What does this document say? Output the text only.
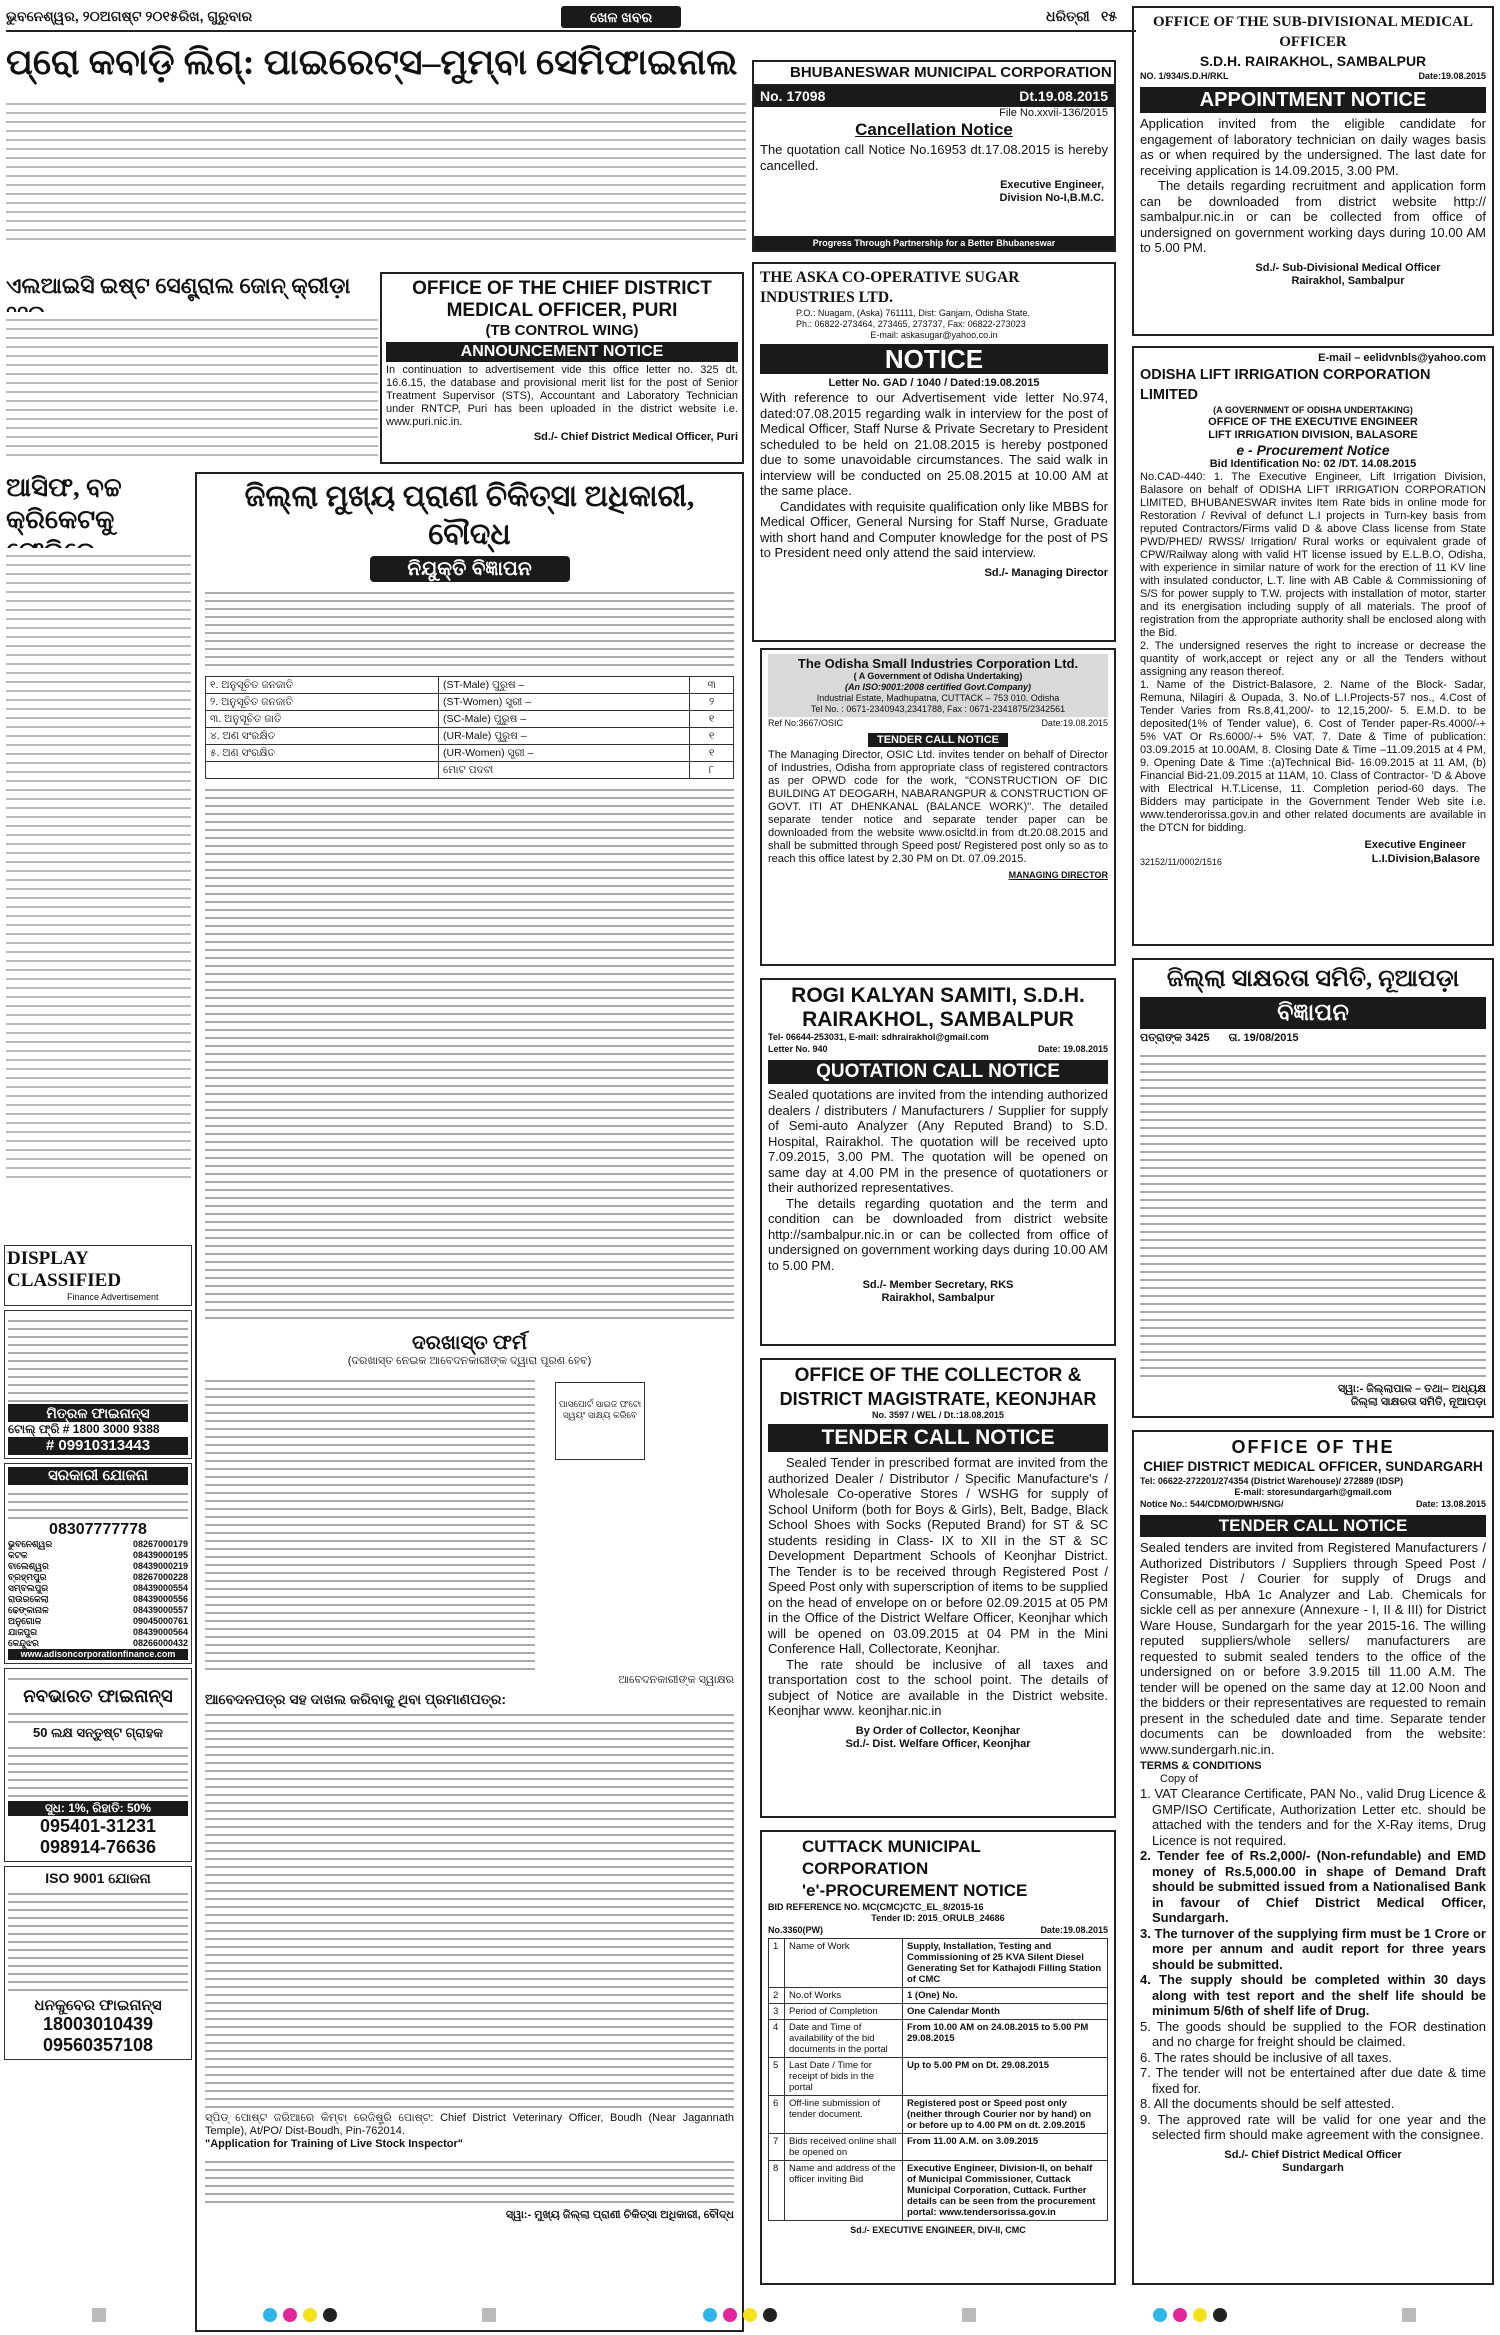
ଭୁବନେଶ୍ୱର, ୨୦ଅଗଷ୍ଟ ୨୦୧୫ରିଖ, ଗୁରୁବାର	ଖେଳ ଖବର	ଧରିତ୍ରୀ ୧୫
ପ୍ରୋ କବାଡ଼ି ଲିଗ୍: ପାଇରେଟ୍ସ–ମୁମ୍ବା ସେମିଫାଇନାଲ
ଏଲଆଇସି ଇଷ୍ଟ ସେଣ୍ଟ୍ରାଲ ଜୋନ୍ କ୍ରୀଡ଼ା
ଆସିଫ, ବଚ୍ଚ
କ୍ରିକେଟକୁ
OFFICE OF THE CHIEF DISTRICT
MEDICAL OFFICER, PURI
(TB CONTROL WING)
ANNOUNCEMENT NOTICE
In continuation to advertisement vide this office letter no. 325 dt. 16.6.15, the database and provisional merit list for the post of Senior Treatment Supervisor (STS), Accountant and Laboratory Technician under RNTCP, Puri has been uploaded in the district website i.e. www.puri.nic.in.
Sd./- Chief District Medical Officer, Puri
BHUBANESWAR MUNICIPAL CORPORATION
No. 17098	Dt.19.08.2015
File No.xxvii-136/2015
Cancellation Notice
The quotation call Notice No.16953 dt.17.08.2015 is hereby cancelled.
Executive Engineer,
Division No-I,B.M.C.
Progress Through Partnership for a Better Bhubaneswar
THE ASKA CO-OPERATIVE SUGAR INDUSTRIES LTD.
P.O.: Nuagam, (Aska) 761111, Dist: Ganjam, Odisha State.
Ph.: 06822-273464, 273465, 273737, Fax: 06822-273023
E-mail: askasugar@yahoo.co.in
NOTICE
Letter No. GAD / 1040 / Dated:19.08.2015
With reference to our Advertisement vide letter No.974, dated:07.08.2015 regarding walk in interview for the post of Medical Officer, Staff Nurse & Private Secretary to President scheduled to be held on 21.08.2015 is hereby postponed due to some unavoidable circumstances. The said walk in interview will be conducted on 25.08.2015 at 10.00 AM at the same place.
Candidates with requisite qualification only like MBBS for Medical Officer, General Nursing for Staff Nurse, Graduate with short hand and Computer knowledge for the post of PS to President need only attend the said interview.
Sd./- Managing Director
OFFICE OF THE SUB-DIVISIONAL MEDICAL OFFICER
S.D.H. RAIRAKHOL, SAMBALPUR
NO. 1/934/S.D.H/RKL	Date:19.08.2015
APPOINTMENT NOTICE
Application invited from the eligible candidate for engagement of laboratory technician on daily wages basis as or when required by the undersigned. The last date for receiving application is 14.09.2015, 3.00 PM.
The details regarding recruitment and application form can be downloaded from district website http:// sambalpur.nic.in or can be collected from office of undersigned on government working days during 10.00 AM to 5.00 PM.
Sd./- Sub-Divisional Medical Officer
Rairakhol, Sambalpur
E-mail – eelidvnbls@yahoo.com
ODISHA LIFT IRRIGATION CORPORATION LIMITED
(A GOVERNMENT OF ODISHA UNDERTAKING)
OFFICE OF THE EXECUTIVE ENGINEER
LIFT IRRIGATION DIVISION, BALASORE
e - Procurement Notice
Bid Identification No: 02 /DT. 14.08.2015
No.CAD-440: 1. The Executive Engineer, Lift Irrigation Division, Balasore on behalf of ODISHA LIFT IRRIGATION CORPORATION LIMITED, BHUBANESWAR invites Item Rate bids in online mode for Restoration / Revival of defunct L.I projects in Turn-key basis from reputed Contractors/Firms valid D & above Class license from State PWD/PHED/ RWSS/ Irrigation/ Rural works or equivalent grade of CPW/Railway along with valid HT license issued by E.L.B.O, Odisha, with experience in similar nature of work for the erection of 11 KV line with insulated conductor, L.T. line with AB Cable & Commissioning of S/S for power supply to T.W. projects with installation of motor, starter and its energisation including supply of all materials. The proof of registration from the appropriate authority shall be enclosed along with the Bid.
2. The undersigned reserves the right to increase or decrease the quantity of work,accept or reject any or all the Tenders without assigning any reason thereof.
1. Name of the District-Balasore, 2. Name of the Block- Sadar, Remuna, Nilagiri & Oupada, 3. No.of L.I.Projects-57 nos., 4.Cost of Tender Varies from Rs.8,41,200/- to 12,15,200/- 5. E.M.D. to be deposited(1% of Tender value), 6. Cost of Tender paper-Rs.4000/-+ 5% VAT Or Rs.6000/-+ 5% VAT. 7. Date & Time of publication: 03.09.2015 at 10.00AM, 8. Closing Date & Time –11.09.2015 at 4 PM, 9. Opening Date & Time :(a)Technical Bid- 16.09.2015 at 11 AM, (b) Financial Bid-21.09.2015 at 11AM, 10. Class of Contractor- 'D & Above with Electrical H.T.License, 11. Completion period-60 days. The Bidders may participate in the Government Tender Web site i.e. www.tenderorissa.gov.in and other related documents are available in the DTCN for bidding.
32152/11/0002/1516
Executive Engineer
L.I.Division,Balasore
ଜିଲ୍ଲା ମୁଖ୍ୟ ପ୍ରାଣୀ ଚିକିତ୍ସା ଅଧିକାରୀ, ବୌଦ୍ଧ
ନିଯୁକ୍ତି ବିଜ୍ଞାପନ
୧. ଅନୁସୂଚିତ ଜନଜାତି	(ST-Male) ପୁରୁଷ –	୩
୨. ଅନୁସୂଚିତ ଜନଜାତି	(ST-Women) ସ୍ତ୍ରୀ –	୨
୩. ଅନୁସୂଚିତ ଜାତି	(SC-Male) ପୁରୁଷ –	୧
୪. ଅଣ ସଂରକ୍ଷିତ	(UR-Male) ପୁରୁଷ –	୧
୫. ଅଣ ସଂରକ୍ଷିତ	(UR-Women) ସ୍ତ୍ରୀ –	୧
	ମୋଟ ପଦବୀ	୮
ଦରଖାସ୍ତ ଫର୍ମ
(ଦରଖାସ୍ତ ନେଇକ ଆବେଦନକାରୀଙ୍କ ଦ୍ୱାରା ପୂରଣ ହେବ)
ପାସପୋର୍ଟ ସାଇଜ ଫଟୋ ସ୍ୱୟଂ ସାକ୍ଷ୍ୟ କରିବେ
ଆବେଦନକାରୀଙ୍କ ସ୍ୱାକ୍ଷର
ଆବେଦନପତ୍ର ସହ ଦାଖଲ କରିବାକୁ ଥିବା ପ୍ରମାଣପତ୍ର:
ସ୍ପିଡ୍ ପୋଷ୍ଟ ଜରିଆରେ କିମ୍ବା ରେଜିଷ୍ଟ୍ରି ପୋଷ୍ଟ: Chief District Veterinary Officer, Boudh (Near Jagannath Temple), At/PO/ Dist-Boudh, Pin-762014.
"Application for Training of Live Stock Inspector"
ସ୍ୱା:- ମୁଖ୍ୟ ଜିଲ୍ଲା ପ୍ରାଣୀ ଚିକିତ୍ସା ଅଧିକାରୀ, ବୌଦ୍ଧ
The Odisha Small Industries Corporation Ltd.
( A Government of Odisha Undertaking)
(An ISO:9001:2008 certified Govt.Company)
Industrial Estate, Madhupatna, CUTTACK – 753 010. Odisha
Tel No. : 0671-2340943,2341788, Fax : 0671-2341875/2342561
Ref No:3667/OSIC	Date:19.08.2015
TENDER CALL NOTICE
The Managing Director, OSIC Ltd. invites tender on behalf of Director of Industries, Odisha from appropriate class of registered contractors as per OPWD code for the work, "CONSTRUCTION OF DIC BUILDING AT DEOGARH, NABARANGPUR & CONSTRUCTION OF GOVT. ITI AT DHENKANAL (BALANCE WORK)". The detailed separate tender notice and separate tender paper can be downloaded from the website www.osicltd.in from dt.20.08.2015 and shall be submitted through Speed post/ Registered post only so as to reach this office latest by 2.30 PM on Dt. 07.09.2015.
MANAGING DIRECTOR
ROGI KALYAN SAMITI, S.D.H.
RAIRAKHOL, SAMBALPUR
Tel- 06644-253031, E-mail: sdhrairakhol@gmail.com
Letter No. 940	Date: 19.08.2015
QUOTATION CALL NOTICE
Sealed quotations are invited from the intending authorized dealers / distributers / Manufacturers / Supplier for supply of Semi-auto Analyzer (Any Reputed Brand) to S.D. Hospital, Rairakhol. The quotation will be received upto 7.09.2015, 3.00 PM. The quotation will be opened on same day at 4.00 PM in the presence of quotationers or their authorized representatives.
The details regarding quotation and the term and condition can be downloaded from district website http://sambalpur.nic.in or can be collected from office of undersigned on government working days during 10.00 AM to 5.00 PM.
Sd./- Member Secretary, RKS
Rairakhol, Sambalpur
OFFICE OF THE COLLECTOR &
DISTRICT MAGISTRATE, KEONJHAR
No. 3597 / WEL / Dt.:18.08.2015
TENDER CALL NOTICE
Sealed Tender in prescribed format are invited from the authorized Dealer / Distributor / Specific Manufacture's / Wholesale Co-operative Stores / WSHG for supply of School Uniform (both for Boys & Girls), Belt, Badge, Black School Shoes with Socks (Reputed Brand) for ST & SC students residing in Class- IX to XII in the ST & SC Development Department Schools of Keonjhar District. The Tender is to be received through Registered Post / Speed Post only with superscription of items to be supplied on the head of envelope on or before 02.09.2015 at 05 PM in the Office of the District Welfare Officer, Keonjhar which will be opened on 03.09.2015 at 04 PM in the Mini Conference Hall, Collectorate, Keonjhar.
The rate should be inclusive of all taxes and transportation cost to the school point. The details of subject of Notice are available in the District website. Keonjhar www. keonjhar.nic.in
By Order of Collector, Keonjhar
Sd./- Dist. Welfare Officer, Keonjhar
CUTTACK MUNICIPAL CORPORATION
'e'-PROCUREMENT NOTICE
BID REFERENCE NO. MC(CMC)CTC_EL_8/2015-16
Tender ID: 2015_ORULB_24686
No.3360(PW)	Date:19.08.2015
1	Name of Work	Supply, Installation, Testing and Commissioning of 25 KVA Silent Diesel Generating Set for Kathajodi Filling Station of CMC
2	No.of Works	1 (One) No.
3	Period of Completion	One Calendar Month
4	Date and Time of availability of the bid documents in the portal	From 10.00 AM on 24.08.2015 to 5.00 PM 29.08.2015
5	Last Date / Time for receipt of bids in the portal	Up to 5.00 PM on Dt. 29.08.2015
6	Off-line submission of tender document.	Registered post or Speed post only (neither through Courier nor by hand) on or before up to 4.00 PM on dt. 2.09.2015
7	Bids received online shall be opened on	From 11.00 A.M. on 3.09.2015
8	Name and address of the officer inviting Bid	Executive Engineer, Division-II, on behalf of Municipal Commissioner, Cuttack Municipal Corporation, Cuttack. Further details can be seen from the procurement portal: www.tendersorissa.gov.in
Sd./- EXECUTIVE ENGINEER, DIV-II, CMC
ଜିଲ୍ଲା ସାକ୍ଷରତା ସମିତି, ନୂଆପଡ଼ା
ବିଜ୍ଞାପନ
ପତ୍ରାଙ୍କ 3425 ତା. 19/08/2015
ସ୍ୱା:- ଜିଲ୍ଲାପାଳ – ତଥା– ଅଧ୍ୟକ୍ଷ
ଜିଲ୍ଲା ସାକ୍ଷରତା ସମିତି, ନୂଆପଡ଼ା
OFFICE OF THE
CHIEF DISTRICT MEDICAL OFFICER, SUNDARGARH
Tel: 06622-272201/274354 (District Warehouse)/ 272889 (IDSP)
E-mail: storesundargarh@gmail.com
Notice No.: 544/CDMO/DWH/SNG/	Date: 13.08.2015
TENDER CALL NOTICE
Sealed tenders are invited from Registered Manufacturers / Authorized Distributors / Suppliers through Speed Post / Register Post / Courier for supply of Drugs and Consumable, HbA 1c Analyzer and Lab. Chemicals for sickle cell as per annexure (Annexure - I, II & III) for District Ware House, Sundargarh for the year 2015-16. The willing reputed suppliers/whole sellers/ manufacturers are requested to submit sealed tenders to the office of the undersigned on or before 3.9.2015 till 11.00 A.M. The tender will be opened on the same day at 12.00 Noon and the bidders or their representatives are requested to remain present in the scheduled date and time. Separate tender documents can be downloaded from the website: www.sundergarh.nic.in.
TERMS & CONDITIONS
Copy of
1. VAT Clearance Certificate, PAN No., valid Drug Licence & GMP/ISO Certificate, Authorization Letter etc. should be attached with the tenders and for the X-Ray items, Drug Licence is not required.
2. Tender fee of Rs.2,000/- (Non-refundable) and EMD money of Rs.5,000.00 in shape of Demand Draft should be submitted issued from a Nationalised Bank in favour of Chief District Medical Officer, Sundargarh.
3. The turnover of the supplying firm must be 1 Crore or more per annum and audit report for three years should be submitted.
4. The supply should be completed within 30 days along with test report and the shelf life should be minimum 5/6th of shelf life of Drug.
5. The goods should be supplied to the FOR destination and no charge for freight should be claimed.
6. The rates should be inclusive of all taxes.
7. The tender will not be entertained after due date & time fixed for.
8. All the documents should be self attested.
9. The approved rate will be valid for one year and the selected firm should make agreement with the consignee.
Sd./- Chief District Medical Officer
Sundargarh
DISPLAY CLASSIFIED
Finance Advertisement
ମିତ୍ରଳ ଫାଇନାନ୍ସ
ଟୋଲ୍ ଫ୍ରି # 1800 3000 9388
# 09910313443
ସରକାରୀ ଯୋଜନା
08307777778
ଭୁବନେଶ୍ୱର	08267000179
କଟକ	08439000195
ବାଲେଶ୍ୱର	08439000219
ବ୍ରହ୍ମପୁର	08267000228
ସମ୍ବଲପୁର	08439000554
ରାଉରକେଲା	08439000556
ଢେଙ୍କାନାଳ	08439000557
ଅନୁଗୋଳ	09045000761
ଯାଜପୁର	08439000564
କେନ୍ଦୁଝର	08266000432
www.adisoncorporationfinance.com
ନବଭାରତ ଫାଇନାନ୍ସ
50 ଲକ୍ଷ ସନ୍ତୁଷ୍ଟ ଗ୍ରାହକ
ସୁଧ: 1%, ରିହାତି: 50%
095401-31231
098914-76636
ISO 9001 ଯୋଜନା
ଧନକୁବେର ଫାଇନାନ୍ସ
18003010439
09560357108
